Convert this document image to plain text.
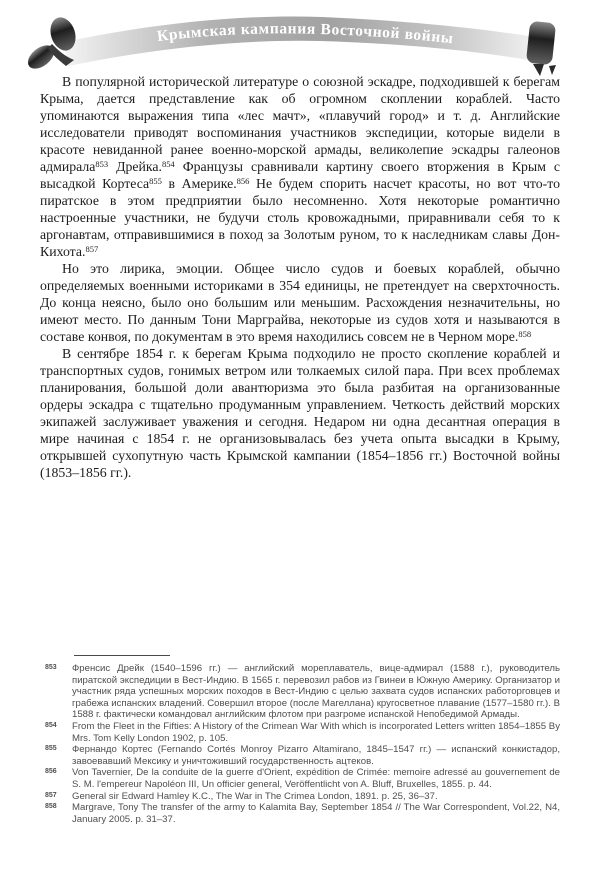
Крымская кампания Восточной войны

В популярной исторической литературе о союзной эскадре, подходившей к берегам Крыма, дается представление как об огромном скоплении кораблей. Часто упоминаются выражения типа «лес мачт», «плавучий город» и т. д. Английские исследователи приводят воспоминания участников экспедиции, которые видели в красоте невиданной ранее военно-морской армады, великолепие эскадры галеонов адмирала$^{853}$ Дрейка.$^{854}$ Французы сравнивали картину своего вторжения в Крым с высадкой Кортеса$^{855}$ в Америке.$^{856}$ Не будем спорить насчет красоты, но вот что-то пиратское в этом предприятии было несомненно. Хотя некоторые романтично настроенные участники, не будучи столь кровожадными, приравнивали себя то к аргонавтам, отправившимися в поход за Золотым руном, то к наследникам славы Дон-Кихота.$^{857}$

Но это лирика, эмоции. Общее число судов и боевых кораблей, обычно определяемых военными историками в 354 единицы, не претендует на сверхточность. До конца неясно, было оно большим или меньшим. Расхождения незначительны, но имеют место. По данным Тони Марграйва, некоторые из судов хотя и называются в составе конвоя, по документам в это время находились совсем не в Черном море.$^{858}$

В сентябре 1854 г. к берегам Крыма подходило не просто скопление кораблей и транспортных судов, гонимых ветром или толкаемых силой пара. При всех проблемах планирования, большой доли авантюризма это была разбитая на организованные ордеры эскадра с тщательно продуманным управлением. Четкость действий морских экипажей заслуживает уважения и сегодня. Недаром ни одна десантная операция в мире начиная с 1854 г. не организовывалась без учета опыта высадки в Крыму, открывшей сухопутную часть Крымской кампании (1854–1856 гг.) Восточной войны (1853–1856 гг.).

853	Френсис Дрейк (1540–1596 гг.) — английский мореплаватель, вице-адмирал (1588 г.), руководитель пиратской экспедиции в Вест-Индию. В 1565 г. перевозил рабов из Гвинеи в Южную Америку. Организатор и участник ряда успешных морских походов в Вест-Индию с целью захвата судов испанских работорговцев и грабежа испанских владений. Совершил второе (после Магеллана) кругосветное плавание (1577–1580 гг.). В 1588 г. фактически командовал английским флотом при разгроме испанской Непобедимой Армады.
854	From the Fleet in the Fifties: A History of the Crimean War With which is incorporated Letters written 1854–1855 By Mrs. Tom Kelly London 1902, p. 105.
855	Фернандо Кортес (Fernando Cortés Monroy Pizarro Altamirano, 1845–1547 гг.) — испанский конкистадор, завоевавший Мексику и уничтоживший государственность ацтеков.
856	Von Tavernier, De la conduite de la guerre d'Orient, expédition de Crimée: memoire adressé au gouvernement de S. M. l'empereur Napoléon III, Un officier general, Veröffentlicht von A. Bluff, Bruxelles, 1855. p. 44.
857	General sir Edward Hamley K.C., The War in The Crimea London, 1891. p. 25, 36–37.
858	Margrave, Tony The transfer of the army to Kalamita Bay, September 1854 // The War Correspondent, Vol.22, N4, January 2005. p. 31–37.
